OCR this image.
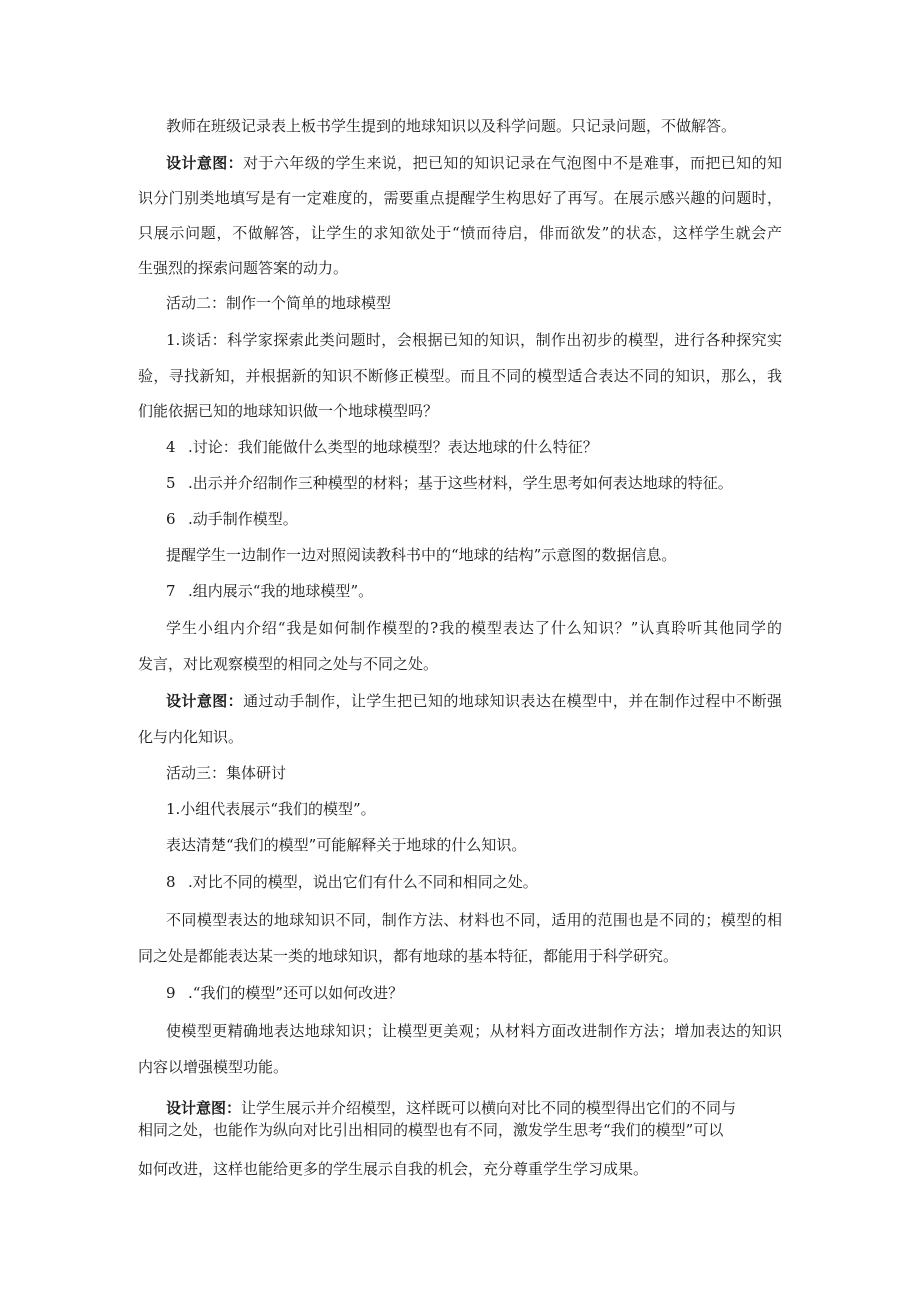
教师在班级记录表上板书学生提到的地球知识以及科学问题。只记录问题，不做解答。
设计意图：对于六年级的学生来说，把已知的知识记录在气泡图中不是难事，而把已知的知
识分门别类地填写是有一定难度的，需要重点提醒学生构思好了再写。在展示感兴趣的问题时，
只展示问题，不做解答，让学生的求知欲处于“愤而待启，俳而欲发”的状态，这样学生就会产
生强烈的探索问题答案的动力。
活动二：制作一个简单的地球模型
1.谈话：科学家探索此类问题时，会根据已知的知识，制作出初步的模型，进行各种探究实
验，寻找新知，并根据新的知识不断修正模型。而且不同的模型适合表达不同的知识，那么，我
们能依据已知的地球知识做一个地球模型吗？
4 .讨论：我们能做什么类型的地球模型？表达地球的什么特征？
5 .出示并介绍制作三种模型的材料；基于这些材料，学生思考如何表达地球的特征。
6 .动手制作模型。
提醒学生一边制作一边对照阅读教科书中的“地球的结构”示意图的数据信息。
7 .组内展示“我的地球模型”。
学生小组内介绍“我是如何制作模型的?我的模型表达了什么知识？”认真聆听其他同学的
发言，对比观察模型的相同之处与不同之处。
设计意图：通过动手制作，让学生把已知的地球知识表达在模型中，并在制作过程中不断强
化与内化知识。
活动三：集体研讨
1.小组代表展示“我们的模型”。
表达清楚“我们的模型”可能解释关于地球的什么知识。
8 .对比不同的模型，说出它们有什么不同和相同之处。
不同模型表达的地球知识不同，制作方法、材料也不同，适用的范围也是不同的；模型的相
同之处是都能表达某一类的地球知识，都有地球的基本特征，都能用于科学研究。
9 .“我们的模型”还可以如何改进？
使模型更精确地表达地球知识；让模型更美观；从材料方面改进制作方法；增加表达的知识
内容以增强模型功能。
设计意图：让学生展示并介绍模型，这样既可以横向对比不同的模型得出它们的不同与
相同之处，也能作为纵向对比引出相同的模型也有不同，激发学生思考“我们的模型”可以
如何改进，这样也能给更多的学生展示自我的机会，充分尊重学生学习成果。
